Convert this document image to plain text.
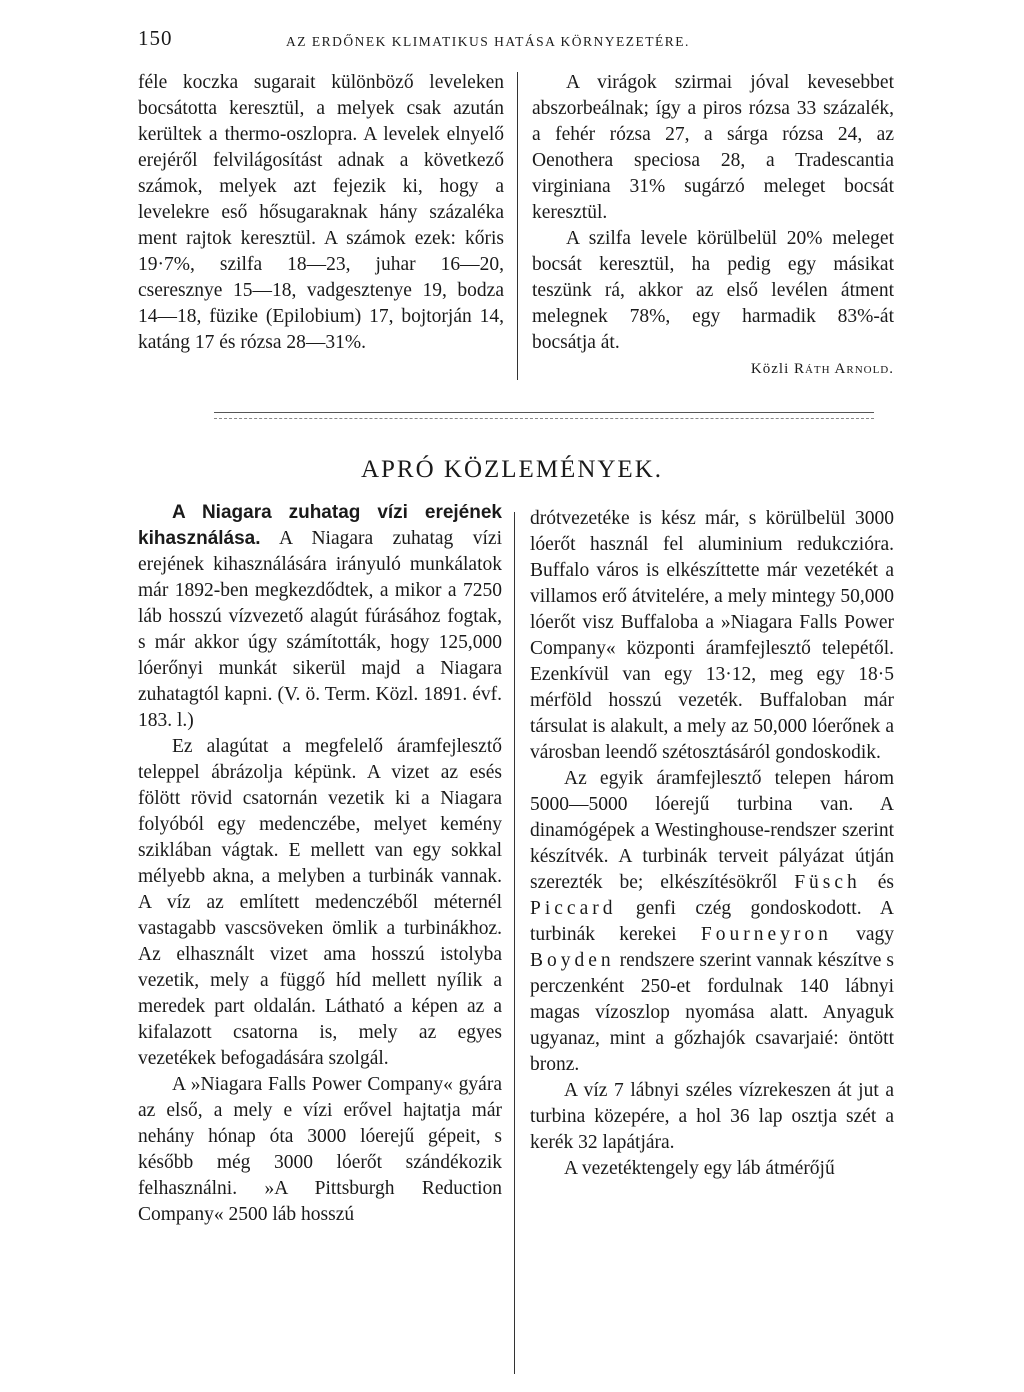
150	AZ ERDŐNEK KLIMATIKUS HATÁSA KÖRNYEZETÉRE.

féle koczka sugarait különböző leveleken bocsátotta keresztül, a melyek csak azután kerültek a thermo-oszlopra. A levelek elnyelő erejéről felvilágosítást adnak a következő számok, melyek azt fejezik ki, hogy a levelekre eső hősugaraknak hány százaléka ment rajtok keresztül. A számok ezek: kőris 19·7%, szilfa 18—23, juhar 16—20, cseresznye 15—18, vadgesztenye 19, bodza 14—18, füzike (Epilobium) 17, bojtorján 14, katáng 17 és rózsa 28—31%.

A virágok szirmai jóval kevesebbet abszorbeálnak; így a piros rózsa 33 százalék, a fehér rózsa 27, a sárga rózsa 24, az Oenothera speciosa 28, a Tradescantia virginiana 31% sugárzó meleget bocsát keresztül.

A szilfa levele körülbelül 20% meleget bocsát keresztül, ha pedig egy másikat teszünk rá, akkor az első levélen átment melegnek 78%, egy harmadik 83%-át bocsátja át.

Közli Ráth Arnold.

APRÓ KÖZLEMÉNYEK.

A Niagara zuhatag vízi erejének kihasználása. A Niagara zuhatag vízi erejének kihasználására irányuló munkálatok már 1892-ben megkezdődtek, a mikor a 7250 láb hosszú vízvezető alagút fúrásához fogtak, s már akkor úgy számították, hogy 125,000 lóerőnyi munkát sikerül majd a Niagara zuhatagtól kapni. (V. ö. Term. Közl. 1891. évf. 183. l.)

Ez alagútat a megfelelő áramfejlesztő teleppel ábrázolja képünk. A vizet az esés fölött rövid csatornán vezetik ki a Niagara folyóból egy medenczébe, melyet kemény sziklában vágtak. E mellett van egy sokkal mélyebb akna, a melyben a turbinák vannak. A víz az említett medenczéből méternél vastagabb vascsöveken ömlik a turbinákhoz. Az elhasznált vizet ama hosszú istolyba vezetik, mely a függő híd mellett nyílik a meredek part oldalán. Látható a képen az a kifalazott csatorna is, mely az egyes vezetékek befogadására szolgál.

A »Niagara Falls Power Company« gyára az első, a mely e vízi erővel hajtatja már nehány hónap óta 3000 lóerejű gépeit, s később még 3000 lóerőt szándékozik felhasználni. »A Pittsburgh Reduction Company« 2500 láb hosszú

drótvezetéke is kész már, s körülbelül 3000 lóerőt használ fel aluminium redukczióra. Buffalo város is elkészíttette már vezetékét a villamos erő átvitelére, a mely mintegy 50,000 lóerőt visz Buffaloba a »Niagara Falls Power Company« központi áramfejlesztő telepétől. Ezenkívül van egy 13·12, meg egy 18·5 mérföld hosszú vezeték. Buffaloban már társulat is alakult, a mely az 50,000 lóerőnek a városban leendő szétosztásáról gondoskodik.

Az egyik áramfejlesztő telepen három 5000—5000 lóerejű turbina van. A dinamógépek a Westinghouse-rendszer szerint készítvék. A turbinák terveit pályázat útján szerezték be; elkészítésökről Füsch és Piccard genfi czég gondoskodott. A turbinák kerekei Fourneyron vagy Boyden rendszere szerint vannak készítve s perczenként 250-et fordulnak 140 lábnyi magas vízoszlop nyomása alatt. Anyaguk ugyanaz, mint a gőzhajók csavarjaié: öntött bronz.

A víz 7 lábnyi széles vízrekeszen át jut a turbina közepére, a hol 36 lap osztja szét a kerék 32 lapátjára.

A vezetéktengely egy láb átmérőjű
